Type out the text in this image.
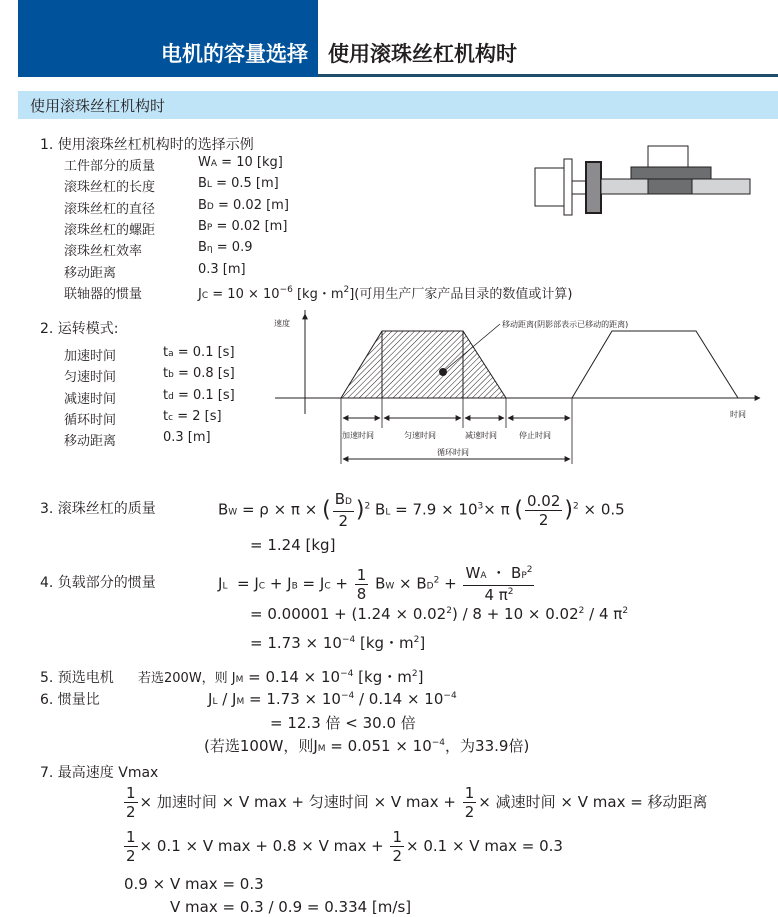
电机的容量选择 使用滚珠丝杠机构时
使用滚珠丝杠机构时
1. 使用滚珠丝杠机构时的选择示例
工件部分的质量	WA = 10 [kg]
滚珠丝杠的长度	BL = 0.5 [m]
滚珠丝杠的直径	BD = 0.02 [m]
滚珠丝杠的螺距	BP = 0.02 [m]
滚珠丝杠效率	Bη = 0.9
移动距离	0.3 [m]
联轴器的惯量	JC = $10 \times 10^{-6}$ [kg・$m^2$](可用生产厂家产品目录的数值或计算)
2. 运转模式:
加速时间	ta = 0.1 [s]
匀速时间	tb = 0.8 [s]
减速时间	td = 0.1 [s]
循环时间	tc = 2 [s]
移动距离	0.3 [m]
速度
时间
移动距离(阴影部表示已移动的距离)
加速时间	匀速时间	减速时间	停止时间
循环时间
3. 滚珠丝杠的质量	BW = ρ × π × ( $\frac{BD}{2} )^2$ BL = $7.9 \times 10^3\times \pi$ ( $\frac{0.02}{2} )^2 \times 0.5$
= 1.24 [kg]
4. 负载部分的惯量	JL = JC + JB = JC + $\frac{1}{8}$ BW × $BD^2 + \frac{WA ・ BP^2}{4 \pi^2}$
= $0.00001 + (1.24 \times 0.02^2) / 8 + 10 \times 0.02^2 / 4$ $\pi^2$
= $1.73 \times 10^{-4}$ [kg・$m^2$]
5. 预选电机 若选200W，则 JM = $0.14 \times 10^{-4}$ [kg・$m^2$]
6. 惯量比	JL / JM = $1.73 \times 10^{-4} / 0.14 \times 10^{-4}$
= 12.3 倍 < 30.0 倍
(若选100W，则JM = $0.051 \times 10^{-4}$，为33.9倍)
7. 最高速度 Vmax
$\frac{1}{2}$ × 加速时间 × V max + 匀速时间 × V $\max + \frac{1}{2}$ × 减速时间 × V max = 移动距离
$\frac{1}{2} \times 0.1 \times V$ max + 0.8 × V $\max + \frac{1}{2} \times 0.1 \times V$ max = 0.3
0.9 × V max = 0.3
V max = 0.3 / 0.9 = 0.334 [m/s]
